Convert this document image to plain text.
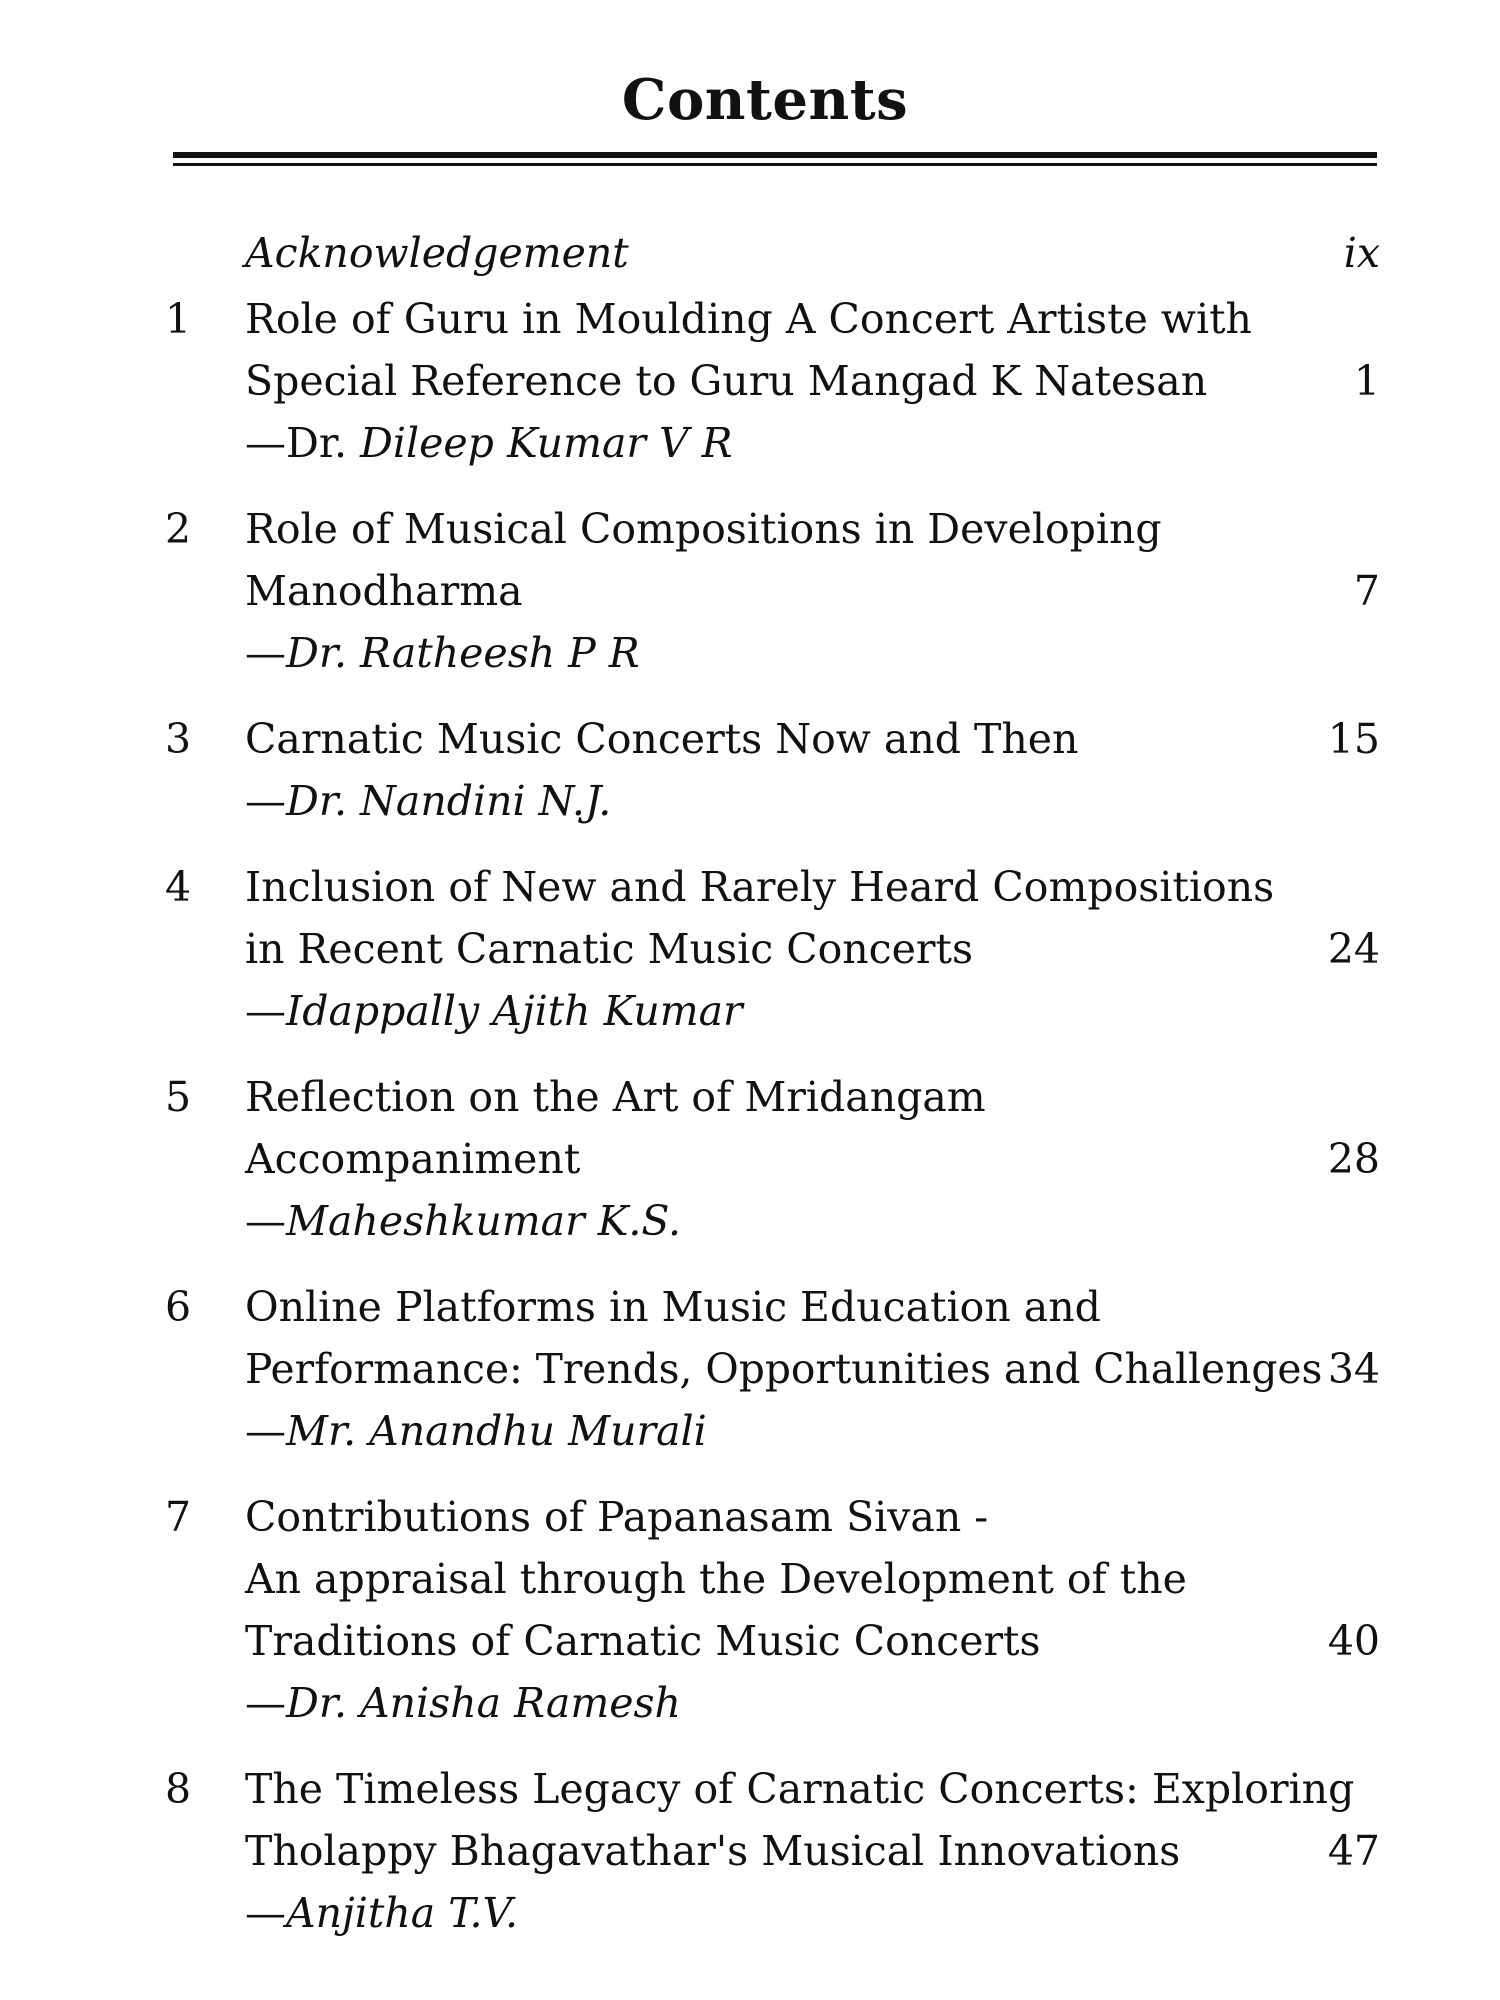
Contents
Acknowledgement	ix
1 Role of Guru in Moulding A Concert Artiste with
Special Reference to Guru Mangad K Natesan	1
—Dr. Dileep Kumar V R
2 Role of Musical Compositions in Developing
Manodharma	7
—Dr. Ratheesh P R
3 Carnatic Music Concerts Now and Then	15
—Dr. Nandini N.J.
4 Inclusion of New and Rarely Heard Compositions
in Recent Carnatic Music Concerts	24
—Idappally Ajith Kumar
5 Reflection on the Art of Mridangam
Accompaniment	28
—Maheshkumar K.S.
6 Online Platforms in Music Education and
Performance: Trends, Opportunities and Challenges 34
—Mr. Anandhu Murali
7 Contributions of Papanasam Sivan -
An appraisal through the Development of the
Traditions of Carnatic Music Concerts	40
—Dr. Anisha Ramesh
8 The Timeless Legacy of Carnatic Concerts: Exploring
Tholappy Bhagavathar's Musical Innovations	47
—Anjitha T.V.
